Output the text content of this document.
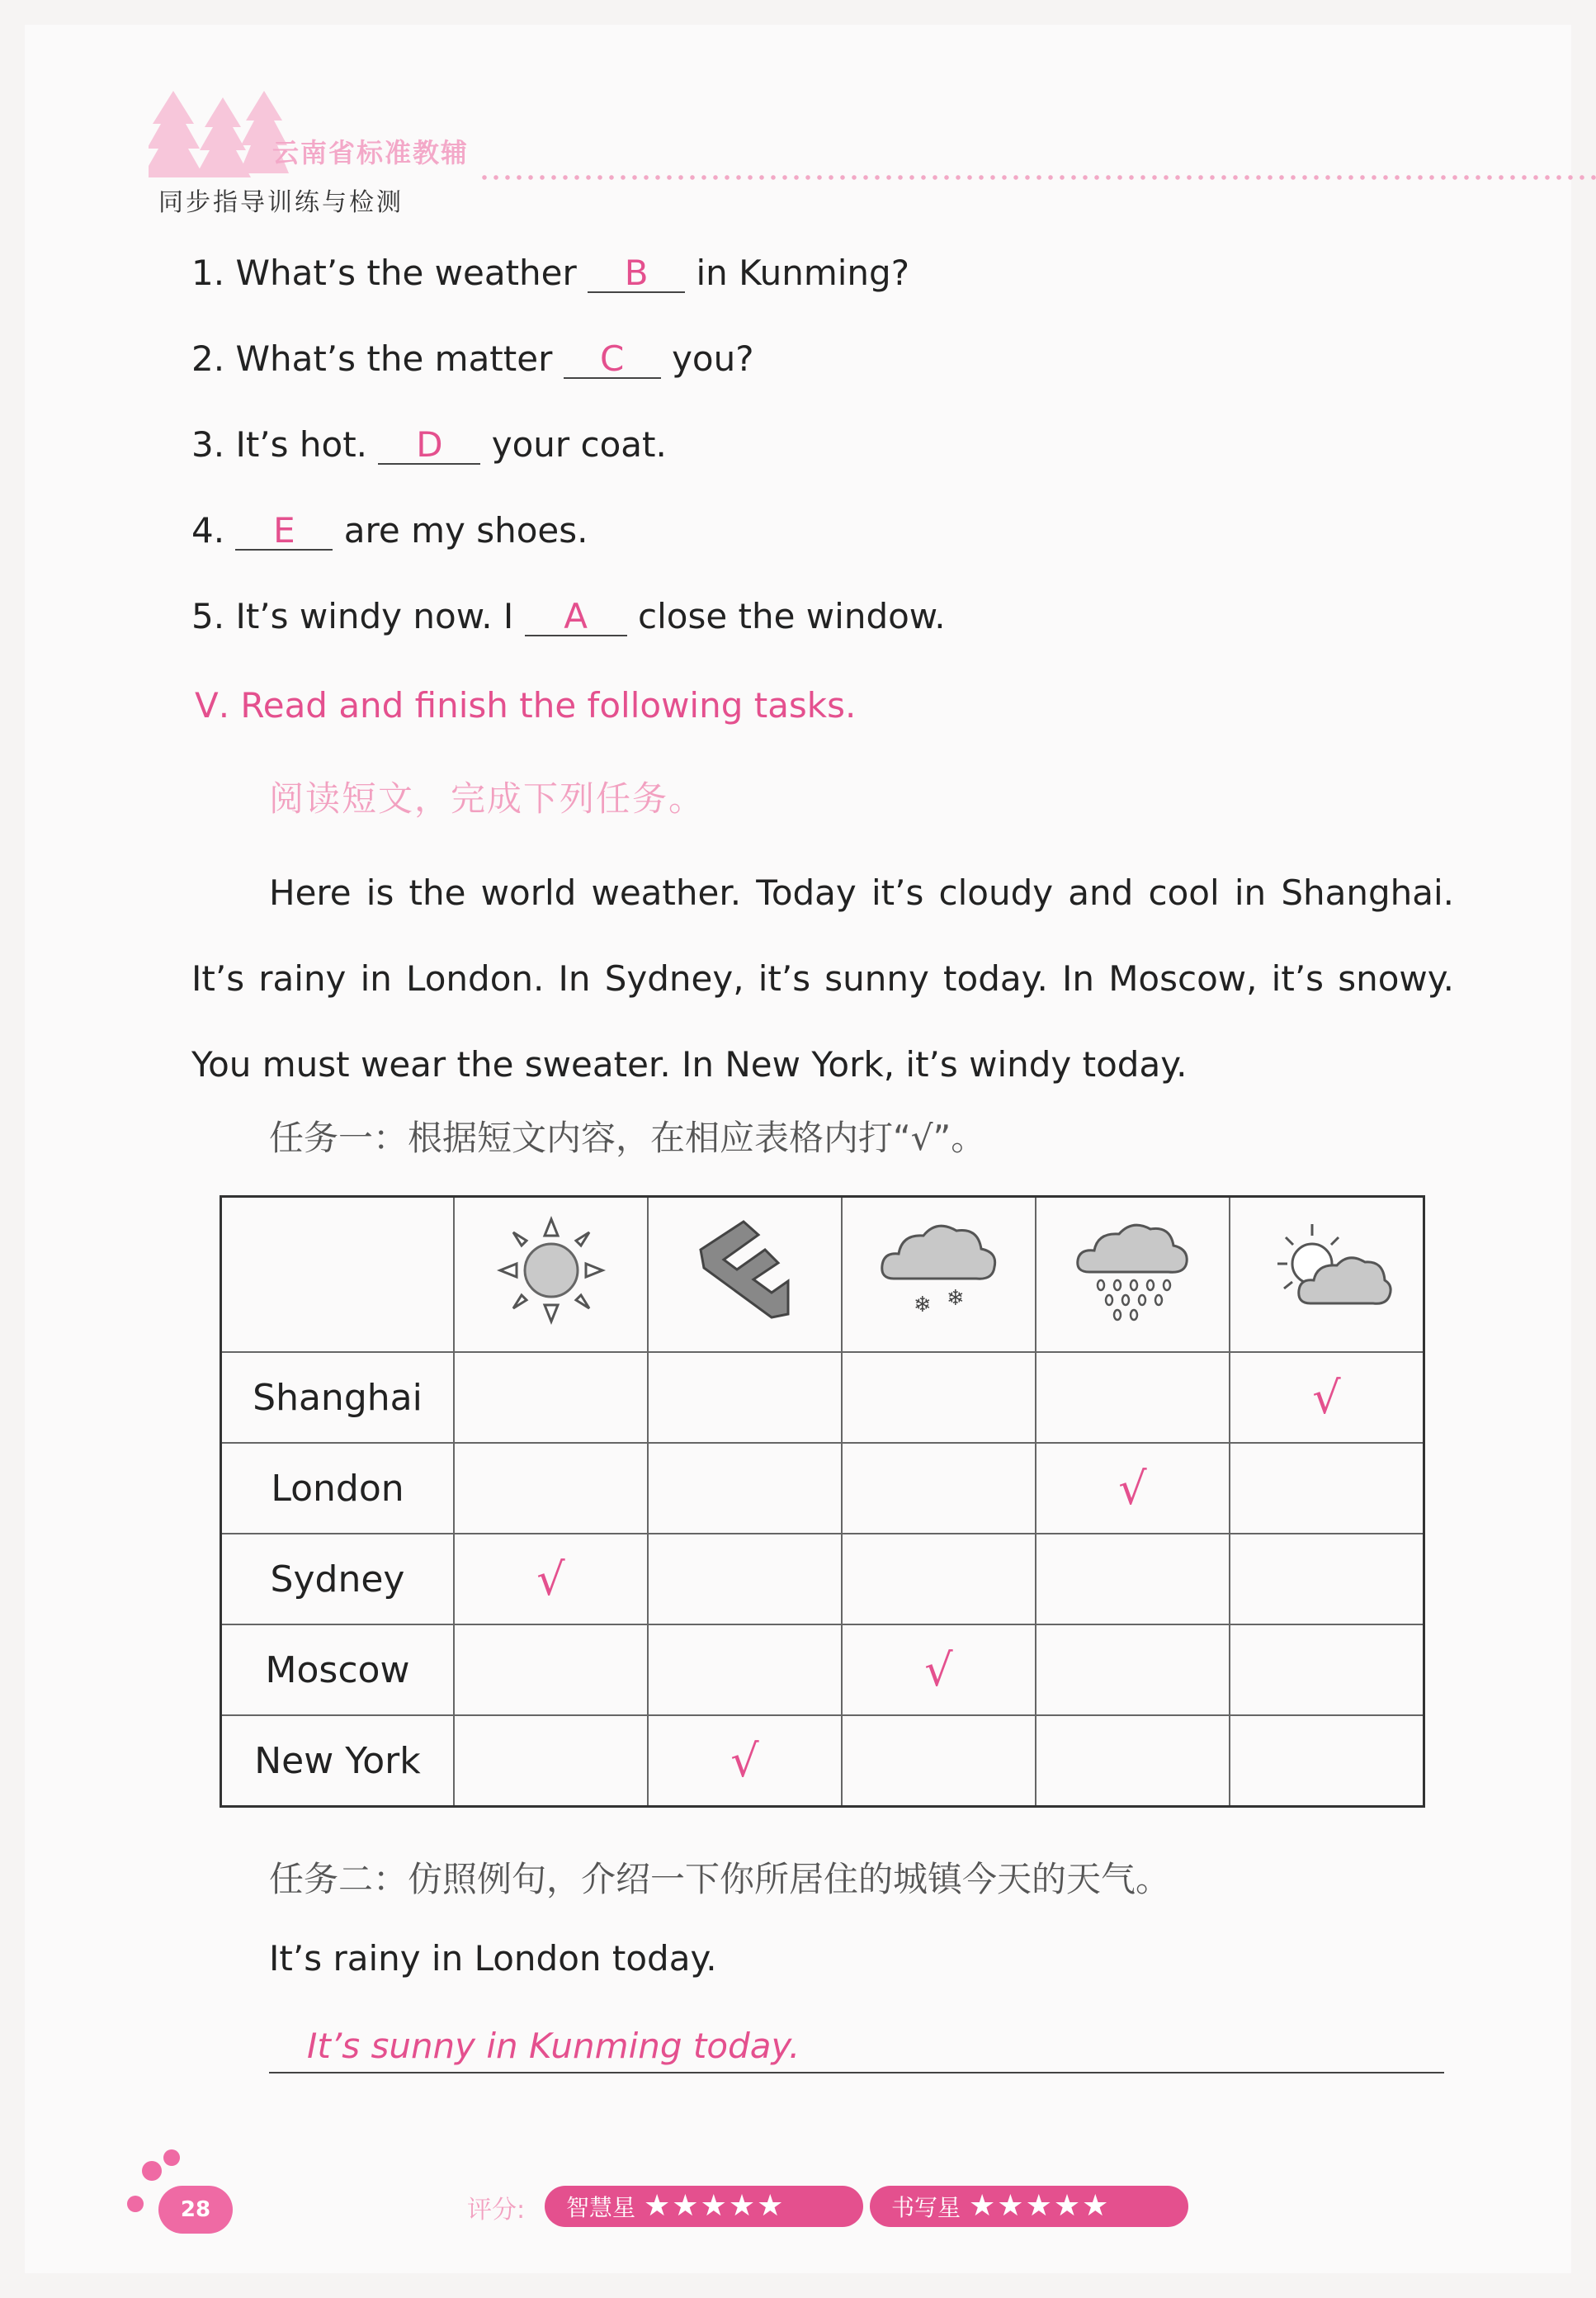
云南省标准教辅
同步指导训练与检测
1. What’s the weather B in Kunming?
2. What’s the matter C you?
3. It’s hot. D your coat.
4. E are my shoes.
5. It’s windy now. I A close the window.
Ⅴ. Read and finish the following tasks.
阅读短文，完成下列任务。
Here is the world weather. Today it’s cloudy and cool in Shanghai. It’s rainy in London. In Sydney, it’s sunny today. In Moscow, it’s snowy. You must wear the sweater. In New York, it’s windy today.
任务一：根据短文内容，在相应表格内打“√”。

❄ ❄

Shanghai					√
London				√	
Sydney	√				
Moscow			√		
New York		√			
任务二：仿照例句，介绍一下你所居住的城镇今天的天气。
It’s rainy in London today.
It’s sunny in Kunming today.
28	评分:	智慧星 ★★★★★	书写星 ★★★★★
